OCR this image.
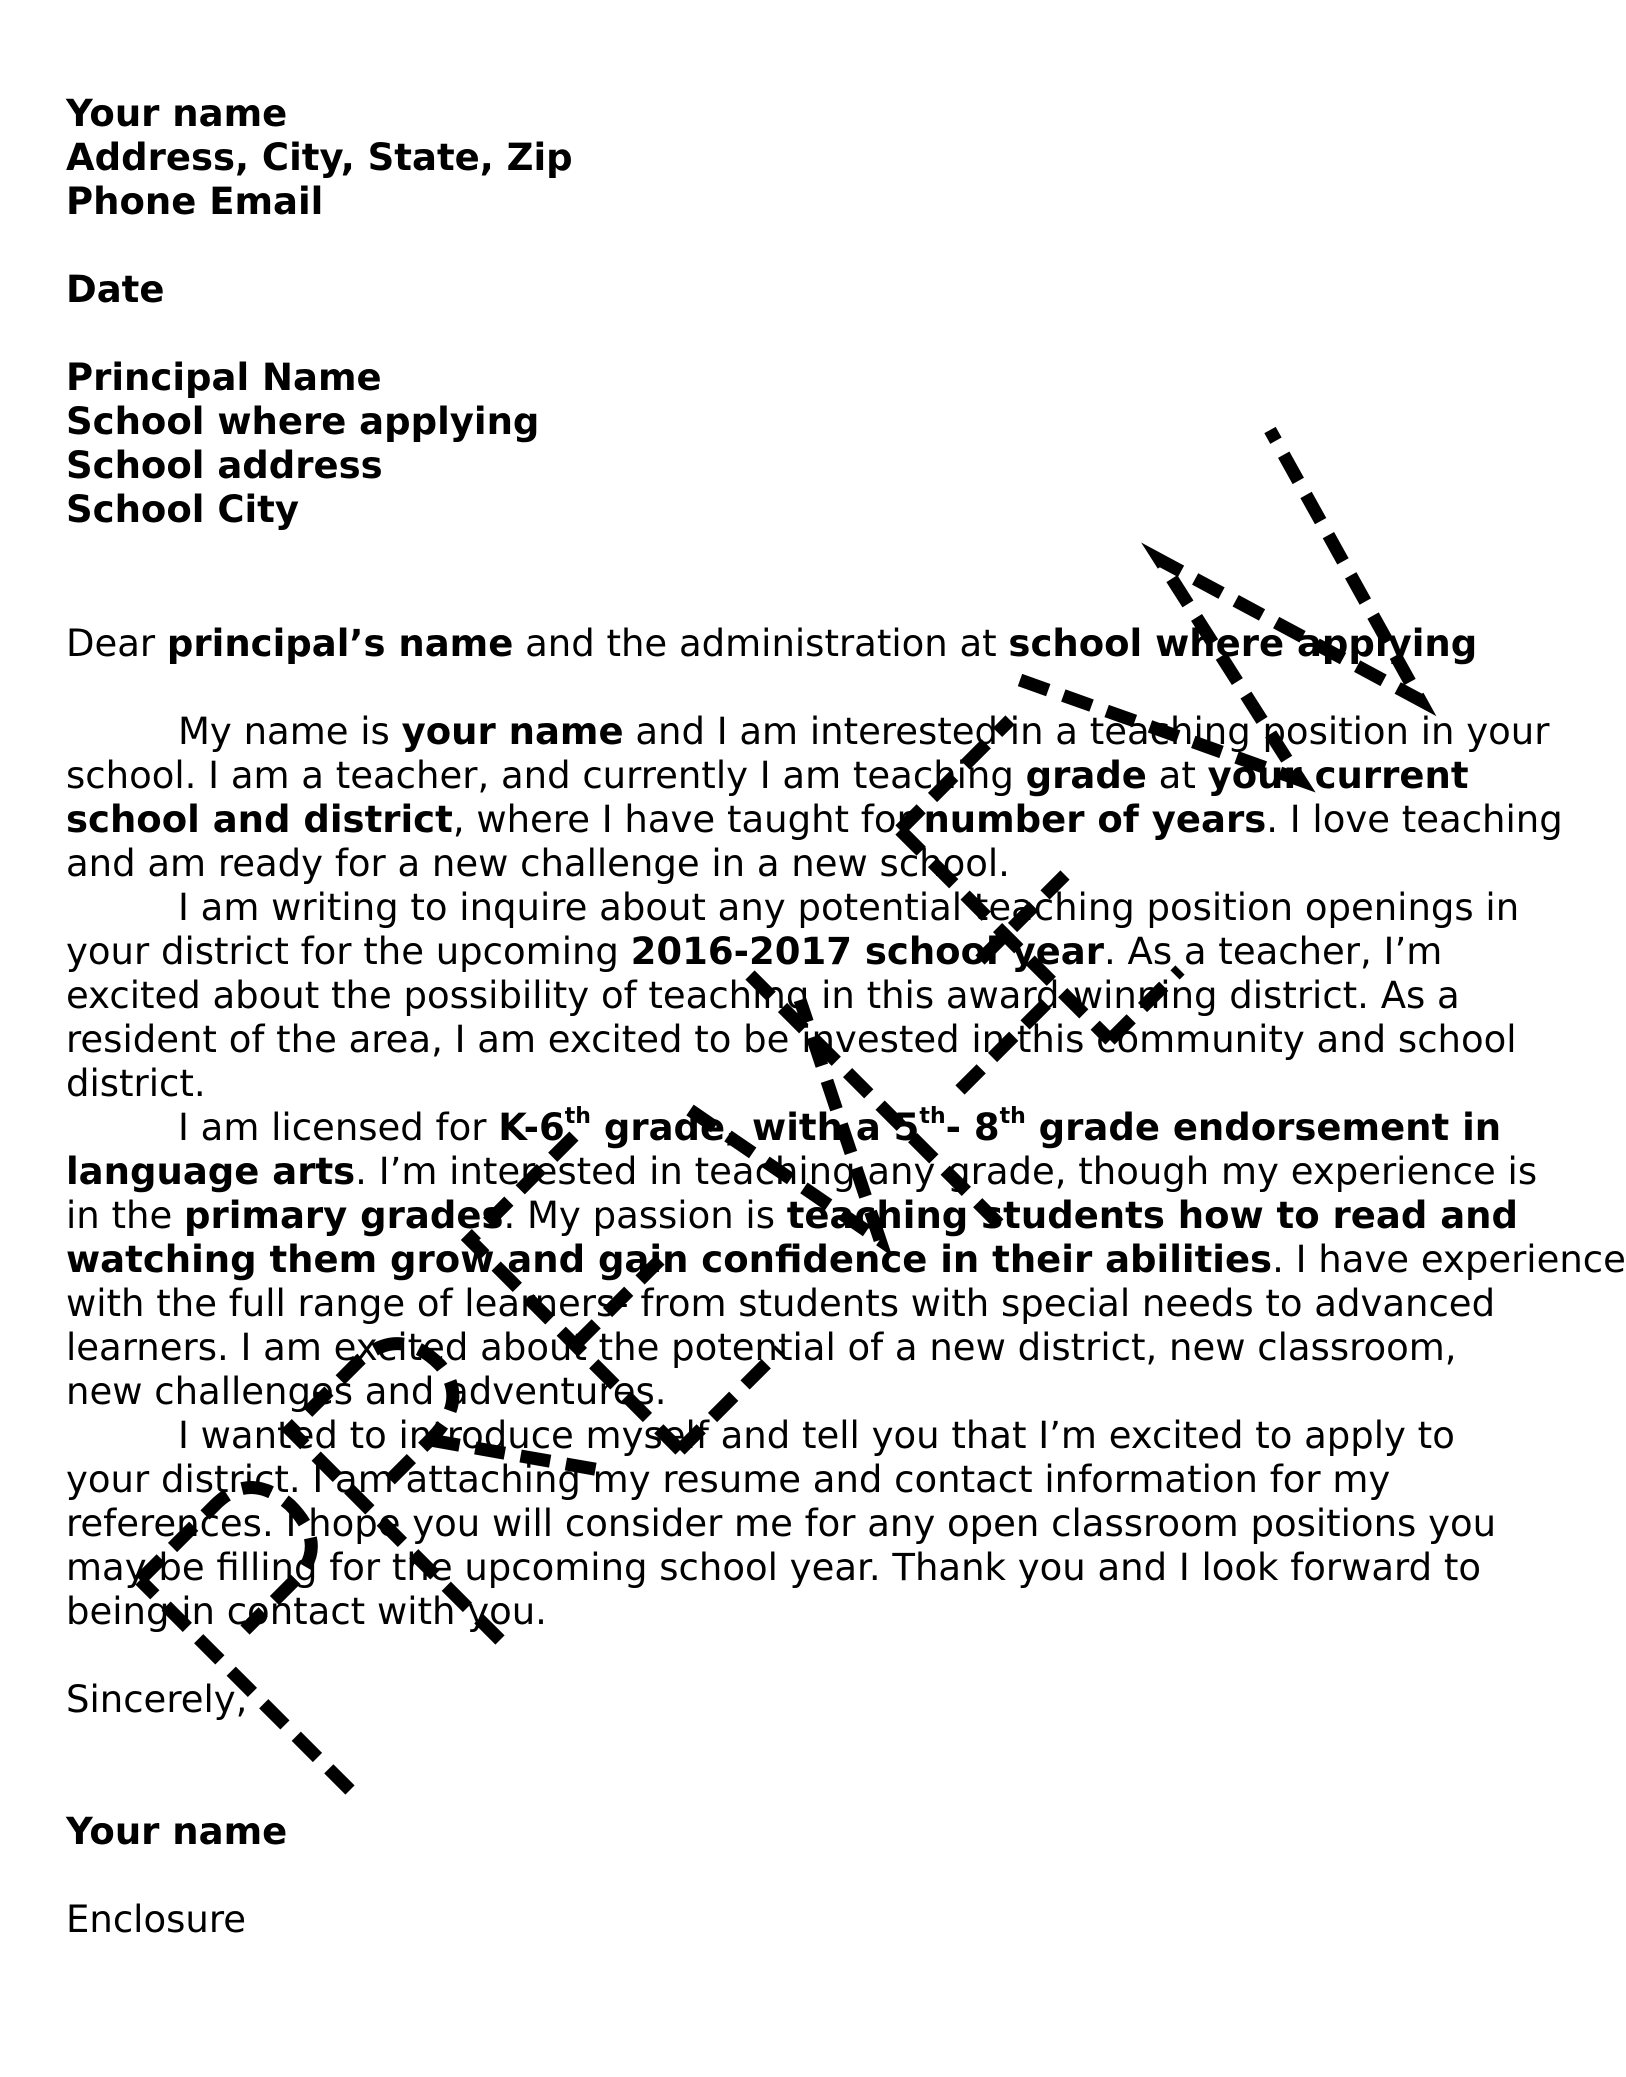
Your name
Address, City, State, Zip
Phone Email
Date
Principal Name
School where applying
School address
School City
Dear principal’s name and the administration at school where applying
My name is your name and I am interested in a teaching position in your
school. I am a teacher, and currently I am teaching grade at your current
school and district, where I have taught for number of years. I love teaching
and am ready for a new challenge in a new school.
I am writing to inquire about any potential teaching position openings in
your district for the upcoming 2016-2017 school year. As a teacher, I’m
excited about the possibility of teaching in this award-winning district. As a
resident of the area, I am excited to be invested in this community and school
district.
I am licensed for K-6th grade, with a 5th- 8th grade endorsement in
language arts. I’m interested in teaching any grade, though my experience is
in the primary grades. My passion is teaching students how to read and
watching them grow and gain confidence in their abilities. I have experience
with the full range of learners- from students with special needs to advanced
learners. I am excited about the potential of a new district, new classroom,
new challenges and adventures.
I wanted to introduce myself and tell you that I’m excited to apply to
your district. I am attaching my resume and contact information for my
references. I hope you will consider me for any open classroom positions you
may be filling for the upcoming school year. Thank you and I look forward to
being in contact with you.
Sincerely,
Your name
Enclosure
